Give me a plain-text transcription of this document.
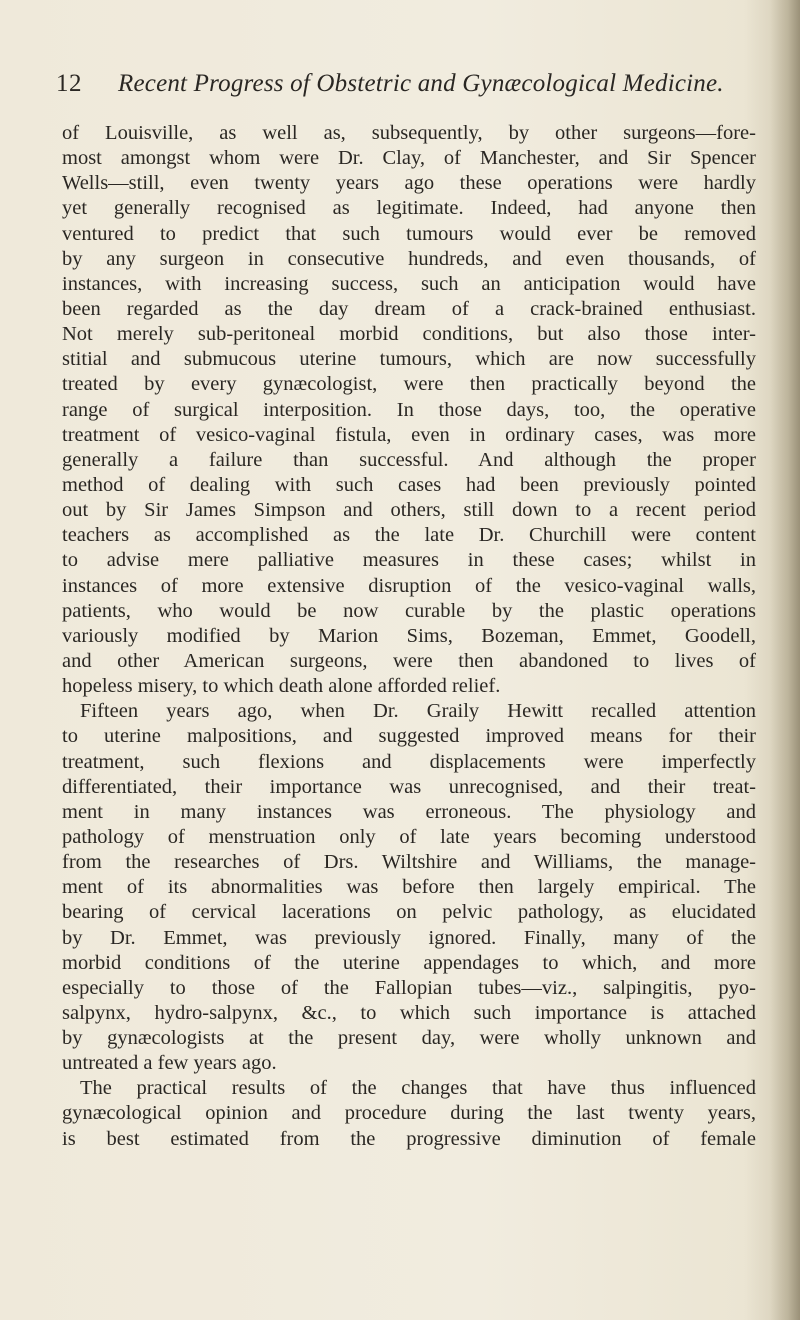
12 Recent Progress of Obstetric and Gynæcological Medicine.
of Louisville, as well as, subsequently, by other surgeons—fore-
most amongst whom were Dr. Clay, of Manchester, and Sir Spencer
Wells—still, even twenty years ago these operations were hardly
yet generally recognised as legitimate. Indeed, had anyone then
ventured to predict that such tumours would ever be removed
by any surgeon in consecutive hundreds, and even thousands, of
instances, with increasing success, such an anticipation would have
been regarded as the day dream of a crack-brained enthusiast.
Not merely sub-peritoneal morbid conditions, but also those inter-
stitial and submucous uterine tumours, which are now successfully
treated by every gynæcologist, were then practically beyond the
range of surgical interposition. In those days, too, the operative
treatment of vesico-vaginal fistula, even in ordinary cases, was more
generally a failure than successful. And although the proper
method of dealing with such cases had been previously pointed
out by Sir James Simpson and others, still down to a recent period
teachers as accomplished as the late Dr. Churchill were content
to advise mere palliative measures in these cases; whilst in
instances of more extensive disruption of the vesico-vaginal walls,
patients, who would be now curable by the plastic operations
variously modified by Marion Sims, Bozeman, Emmet, Goodell,
and other American surgeons, were then abandoned to lives of
hopeless misery, to which death alone afforded relief.
Fifteen years ago, when Dr. Graily Hewitt recalled attention
to uterine malpositions, and suggested improved means for their
treatment, such flexions and displacements were imperfectly
differentiated, their importance was unrecognised, and their treat-
ment in many instances was erroneous. The physiology and
pathology of menstruation only of late years becoming understood
from the researches of Drs. Wiltshire and Williams, the manage-
ment of its abnormalities was before then largely empirical. The
bearing of cervical lacerations on pelvic pathology, as elucidated
by Dr. Emmet, was previously ignored. Finally, many of the
morbid conditions of the uterine appendages to which, and more
especially to those of the Fallopian tubes—viz., salpingitis, pyo-
salpynx, hydro-salpynx, &c., to which such importance is attached
by gynæcologists at the present day, were wholly unknown and
untreated a few years ago.
The practical results of the changes that have thus influenced
gynæcological opinion and procedure during the last twenty years,
is best estimated from the progressive diminution of female
